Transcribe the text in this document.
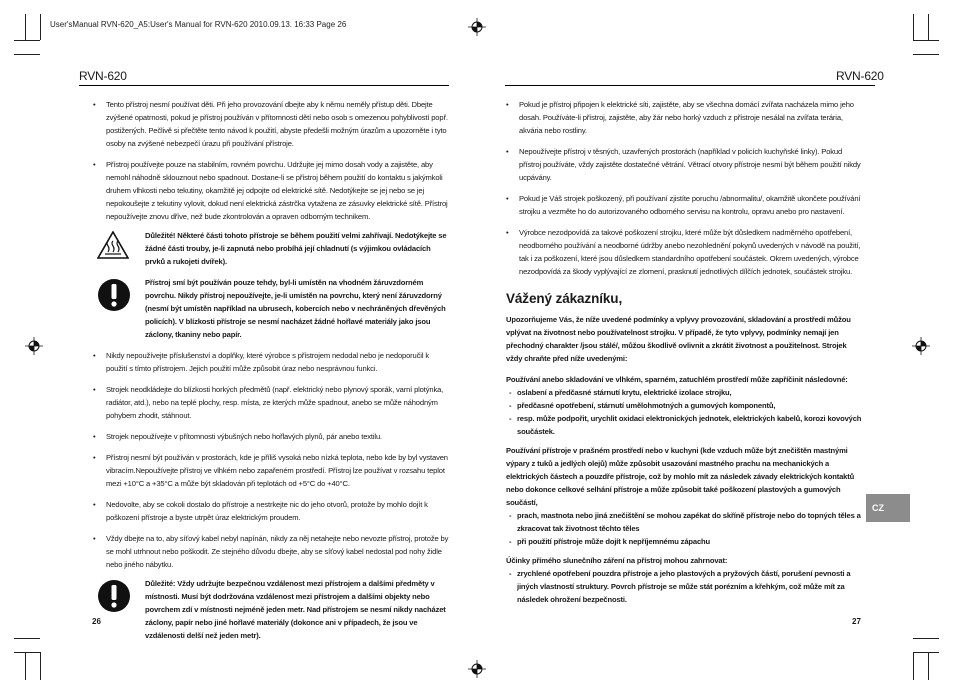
User'sManual RVN-620_A5:User's Manual for RVN-620 2010.09.13. 16:33 Page 26
RVN-620
• Tento přístroj nesmí používat děti. Při jeho provozování dbejte aby k němu neměly přístup děti. Dbejte zvýšené opatrnosti, pokud je přístroj používán v přítomnosti dětí nebo osob s omezenou pohyblivostí popř. postižených. Pečlivě si přečtěte tento návod k použití, abyste předešli možným úrazům a upozorněte i tyto osoby na zvýšené nebezpečí úrazu při používání přístroje.
• Přístroj používejte pouze na stabilním, rovném povrchu. Udržujte jej mimo dosah vody a zajistěte, aby nemohl náhodně sklouznout nebo spadnout. Dostane-li se přístroj během použití do kontaktu s jakýmkoli druhem vlhkosti nebo tekutiny, okamžitě jej odpojte od elektrické sítě. Nedotýkejte se jej nebo se jej nepokoušejte z tekutiny vylovit, dokud není elektrická zástrčka vytažena ze zásuvky elektrické sítě. Přístroj nepoužívejte znovu dříve, než bude zkontrolován a opraven odborným technikem.
Důležité! Některé části tohoto přístroje se během použití velmi zahřívají. Nedotýkejte se žádné části trouby, je-li zapnutá nebo probíhá její chladnutí (s výjimkou ovládacích prvků a rukojeti dvířek).
Přístroj smí být používán pouze tehdy, byl-li umístěn na vhodném žáruvzdorném povrchu. Nikdy přístroj nepoužívejte, je-li umístěn na povrchu, který není žáruvzdorný (nesmí být umístěn například na ubrusech, kobercích nebo v nechráněných dřevěných policích). V blízkosti přístroje se nesmí nacházet žádné hořlavé materiály jako jsou záclony, tkaniny nebo papír.
• Nikdy nepoužívejte příslušenství a doplňky, které výrobce s přístrojem nedodal nebo je nedoporučil k použití s tímto přístrojem. Jejich použití může způsobit úraz nebo nesprávnou funkci.
• Strojek neodkládejte do blízkosti horkých předmětů (např. elektrický nebo plynový sporák, varní plotýnka, radiátor, atd.), nebo na teplé plochy, resp. místa, ze kterých může spadnout, anebo se může náhodným pohybem zhodit, stáhnout.
• Strojek nepoužívejte v přítomnosti výbušných nebo hořlavých plynů, pár anebo textilu.
• Přístroj nesmí být používán v prostorách, kde je příliš vysoká nebo nízká teplota, nebo kde by byl vystaven vibracím.Nepoužívejte přístroj ve vlhkém nebo zapařeném prostředí. Přístroj lze používat v rozsahu teplot mezi +10°C a +35°C a může být skladován při teplotách od +5°C do +40°C.
• Nedovolte, aby se cokoli dostalo do přístroje a nestrkejte nic do jeho otvorů, protože by mohlo dojít k poškození přístroje a byste utrpět úraz elektrickým proudem.
• Vždy dbejte na to, aby síťový kabel nebyl napínán, nikdy za něj netahejte nebo nevozte přístroj, protože by se mohl utrhnout nebo poškodit. Ze stejného důvodu dbejte, aby se síťový kabel nedostal pod nohy židle nebo jiného nábytku.
Důležité: Vždy udržujte bezpečnou vzdálenost mezi přístrojem a dalšími předměty v místnosti. Musí být dodržována vzdálenost mezi přístrojem a dalšími objekty nebo povrchem zdí v místnosti nejméně jeden metr. Nad přístrojem se nesmí nikdy nacházet záclony, papír nebo jiné hořlavé materiály (dokonce ani v případech, že jsou ve vzdálenosti delší než jeden metr).
26
RVN-620
• Pokud je přístroj připojen k elektrické síti, zajistěte, aby se všechna domácí zvířata nacházela mimo jeho dosah. Používáte-li přístroj, zajistěte, aby žár nebo horký vzduch z přístroje nesálal na zvířata terária, akvária nebo rostliny.
• Nepoužívejte přístroj v těsných, uzavřených prostorách (například v policích kuchyňské linky). Pokud přístroj používáte, vždy zajistěte dostatečné větrání. Větrací otvory přístroje nesmí být během použití nikdy ucpávány.
• Pokud je Váš strojek poškozený, při používaní zjistíte poruchu /abnormalitu/, okamžitě ukončete používání strojku a vezměte ho do autorizovaného odborného servisu na kontrolu, opravu anebo pro nastavení.
• Výrobce nezodpovídá za takové poškození strojku, které může být důsledkem nadměrného opotřebení, neodborného používání a neodborné údržby anebo nezohlednění pokynů uvedených v návodě na použití, tak i za poškození, které jsou důsledkem standardního opotřebení součástek. Okrem uvedených, výrobce nezodpovídá za škody vyplývající ze zlomení, prasknutí jednotlivých dílčích jednotek, součástek strojku.
Vážený zákazníku,

Upozorňujeme Vás, že níže uvedené podmínky a vplyvy provozování, skladování a prostředí můžou vplývat na životnost nebo používatelnost strojku. V případě, že tyto vplyvy, podmínky nemají jen přechodný charakter /jsou stálé/, můžou škodlivě ovlivnit a zkrátit životnost a použitelnost. Strojek vždy chraňte před níže uvedenými:

Používání anebo skladování ve vlhkém, sparném, zatuchlém prostředí může zapříčinit následovné:

- oslabení a předčasné stárnutí krytu, elektrické izolace strojku,
- předčasné opotřebení, stárnutí umělohmotných a gumových komponentů,
- resp. může podpořit, urychlit oxidaci elektronických jednotek, elektrických kabelů, korozi kovových součástek.

Používání přístroje v prašném prostředí nebo v kuchyni (kde vzduch může být znečištěn mastnými výpary z tuků a jedlých olejů) může způsobit usazování mastného prachu na mechanických a elektrických částech a pouzdře přístroje, což by mohlo mít za následek závady elektrických kontaktů nebo dokonce celkové selhání přístroje a může způsobit také poškození plastových a gumových součástí,

- prach, mastnota nebo jiná znečištění se mohou zapékat do skříně přístroje nebo do topných těles a zkracovat tak životnost těchto těles
- při použití přístroje může dojít k nepříjemnému zápachu

Účinky přímého slunečního záření na přístroj mohou zahrnovat:

- zrychlené opotřebení pouzdra přístroje a jeho plastových a pryžových částí, porušení pevnosti a jiných vlastností struktury. Povrch přístroje se může stát porézním a křehkým, což může mít za následek ohrožení bezpečnosti.
CZ
27
